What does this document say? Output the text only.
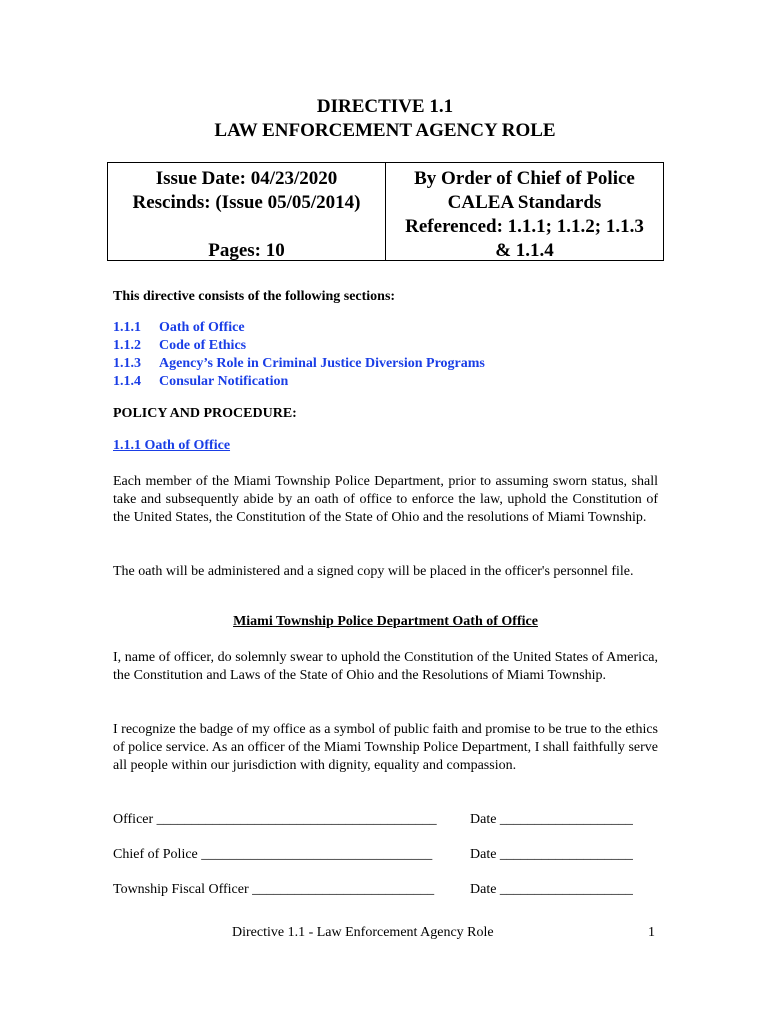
DIRECTIVE 1.1
LAW ENFORCEMENT AGENCY ROLE
Issue Date: 04/23/2020
Rescinds: (Issue 05/05/2014)
Pages: 10
By Order of Chief of Police
CALEA Standards
Referenced: 1.1.1; 1.1.2; 1.1.3
& 1.1.4
This directive consists of the following sections:
1.1.1	Oath of Office
1.1.2	Code of Ethics
1.1.3	Agency’s Role in Criminal Justice Diversion Programs
1.1.4	Consular Notification
POLICY AND PROCEDURE:
1.1.1 Oath of Office
Each member of the Miami Township Police Department, prior to assuming sworn status, shall take and subsequently abide by an oath of office to enforce the law, uphold the Constitution of the United States, the Constitution of the State of Ohio and the resolutions of Miami Township.
The oath will be administered and a signed copy will be placed in the officer's personnel file.
Miami Township Police Department Oath of Office
I, name of officer, do solemnly swear to uphold the Constitution of the United States of America, the Constitution and Laws of the State of Ohio and the Resolutions of Miami Township.
I recognize the badge of my office as a symbol of public faith and promise to be true to the ethics of police service. As an officer of the Miami Township Police Department, I shall faithfully serve all people within our jurisdiction with dignity, equality and compassion.
Officer ________________________________________ Date ___________________
Chief of Police _________________________________	Date ___________________
Township Fiscal Officer __________________________	Date ___________________
Directive 1.1 - Law Enforcement Agency Role	1
